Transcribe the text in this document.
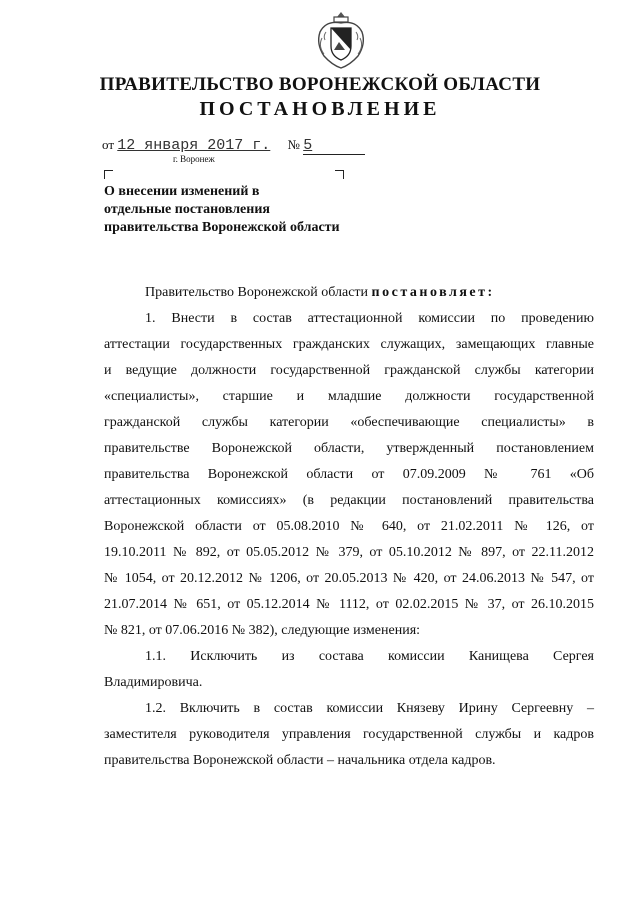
ПРАВИТЕЛЬСТВО ВОРОНЕЖСКОЙ ОБЛАСТИ
ПОСТАНОВЛЕНИЕ
от 12 января 2017 г. № 5
г. Воронеж
О внесении изменений в
отдельные постановления
правительства Воронежской области
Правительство Воронежской области постановляет:
1. Внести в состав аттестационной комиссии по проведению
аттестации государственных гражданских служащих, замещающих главные
и ведущие должности государственной гражданской службы категории
«специалисты», старшие и младшие должности государственной
гражданской службы категории «обеспечивающие специалисты» в
правительстве Воронежской области, утвержденный постановлением
правительства Воронежской области от 07.09.2009 № 761 «Об
аттестационных комиссиях» (в редакции постановлений правительства
Воронежской области от 05.08.2010 № 640, от 21.02.2011 № 126, от
19.10.2011 № 892, от 05.05.2012 № 379, от 05.10.2012 № 897, от 22.11.2012
№ 1054, от 20.12.2012 № 1206, от 20.05.2013 № 420, от 24.06.2013 № 547, от
21.07.2014 № 651, от 05.12.2014 № 1112, от 02.02.2015 № 37, от 26.10.2015
№ 821, от 07.06.2016 № 382), следующие изменения:
1.1. Исключить из состава комиссии Канищева Сергея
Владимировича.
1.2. Включить в состав комиссии Князеву Ирину Сергеевну –
заместителя руководителя управления государственной службы и кадров
правительства Воронежской области – начальника отдела кадров.
